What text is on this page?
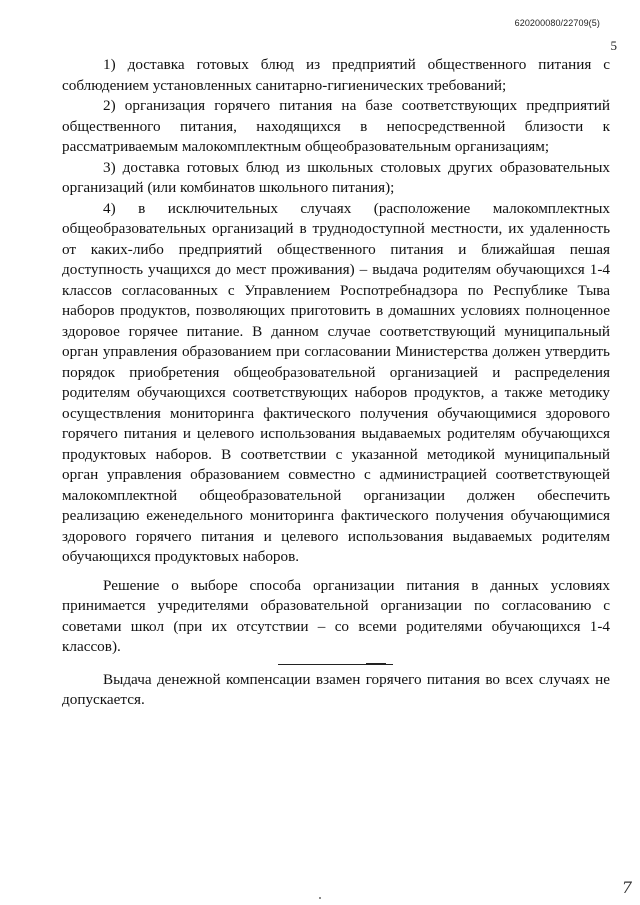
620200080/22709(5)
5

1) доставка готовых блюд из предприятий общественного питания с соблюдением установленных санитарно-гигиенических требований;

2) организация горячего питания на базе соответствующих предприятий общественного питания, находящихся в непосредственной близости к рассматриваемым малокомплектным общеобразовательным организациям;

3) доставка готовых блюд из школьных столовых других образовательных организаций (или комбинатов школьного питания);

4) в исключительных случаях (расположение малокомплектных общеобразовательных организаций в труднодоступной местности, их удаленность от каких-либо предприятий общественного питания и ближайшая пешая доступность учащихся до мест проживания) – выдача родителям обучающихся 1-4 классов согласованных с Управлением Роспотребнадзора по Республике Тыва наборов продуктов, позволяющих приготовить в домашних условиях полноценное здоровое горячее питание. В данном случае соответствующий муниципальный орган управления образованием при согласовании Министерства должен утвердить порядок приобретения общеобразовательной организацией и распределения родителям обучающихся соответствующих наборов продуктов, а также методику осуществления мониторинга фактического получения обучающимися здорового горячего питания и целевого использования выдаваемых родителям обучающихся продуктовых наборов. В соответствии с указанной методикой муниципальный орган управления образованием совместно с администрацией соответствующей малокомплектной общеобразовательной организации должен обеспечить реализацию еженедельного мониторинга фактического получения обучающимися здорового горячего питания и целевого использования выдаваемых родителям обучающихся продуктовых наборов.

Решение о выборе способа организации питания в данных условиях принимается учредителями образовательной организации по согласованию с советами школ (при их отсутствии – со всеми родителями обучающихся 1-4 классов).

Выдача денежной компенсации взамен горячего питания во всех случаях не допускается.

7
